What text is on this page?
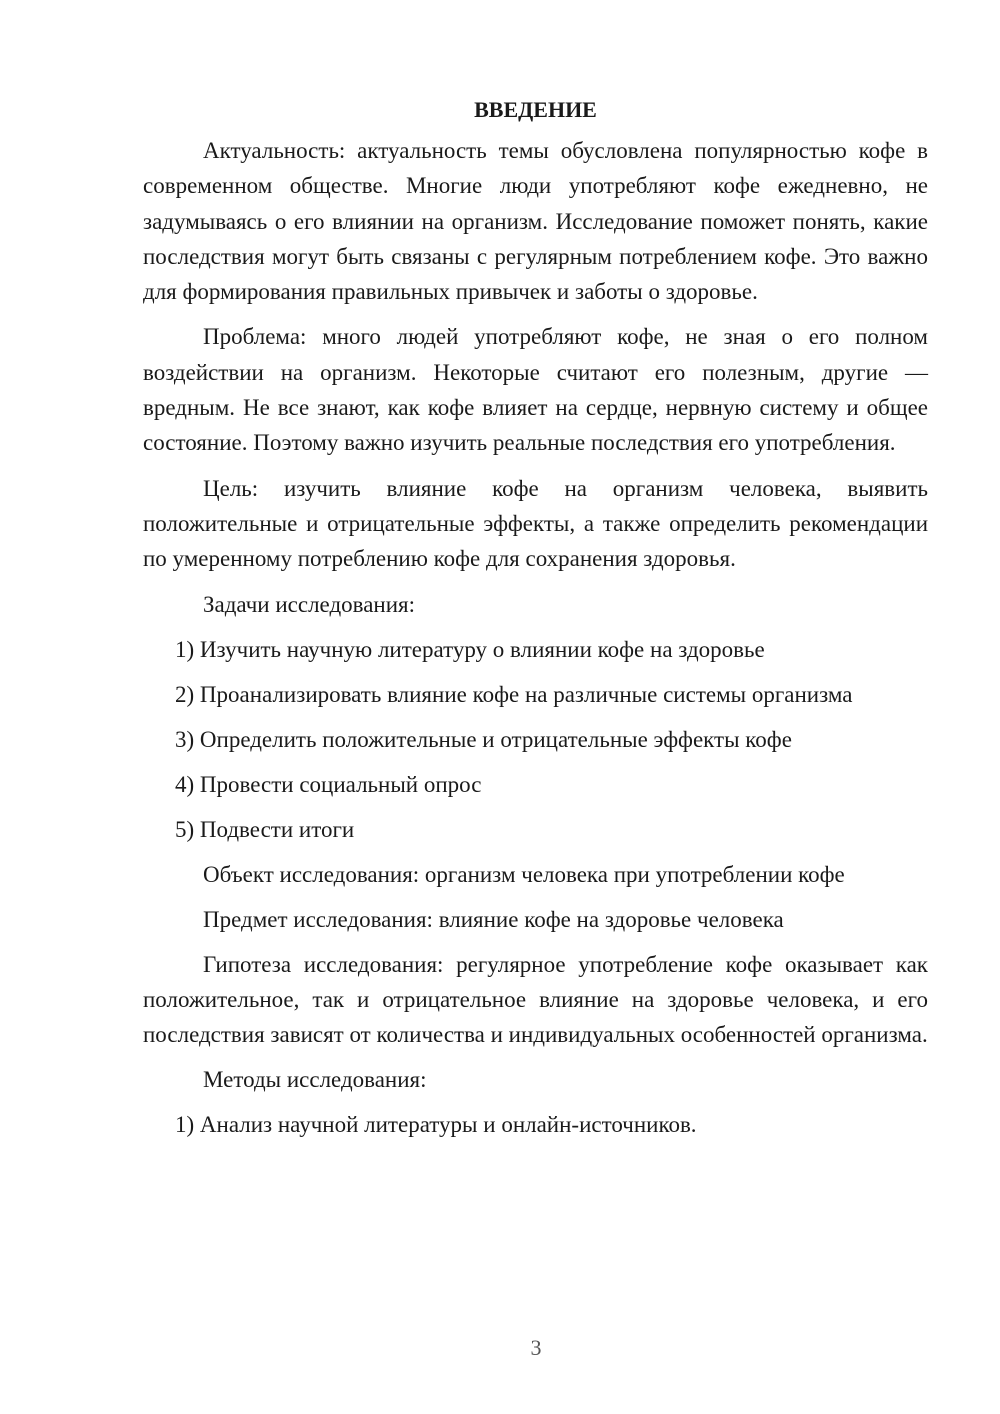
ВВЕДЕНИЕ

Актуальность: актуальность темы обусловлена популярностью кофе в современном обществе. Многие люди употребляют кофе ежедневно, не задумываясь о его влиянии на организм. Исследование поможет понять, какие последствия могут быть связаны с регулярным потреблением кофе. Это важно для формирования правильных привычек и заботы о здоровье.

Проблема: много людей употребляют кофе, не зная о его полном воздействии на организм. Некоторые считают его полезным, другие — вредным. Не все знают, как кофе влияет на сердце, нервную систему и общее состояние. Поэтому важно изучить реальные последствия его употребления.

Цель: изучить влияние кофе на организм человека, выявить положительные и отрицательные эффекты, а также определить рекомендации по умеренному потреблению кофе для сохранения здоровья.

Задачи исследования:

1) Изучить научную литературу о влиянии кофе на здоровье

2) Проанализировать влияние кофе на различные системы организма

3) Определить положительные и отрицательные эффекты кофе

4) Провести социальный опрос

5) Подвести итоги

Объект исследования: организм человека при употреблении кофе

Предмет исследования: влияние кофе на здоровье человека

Гипотеза исследования: регулярное употребление кофе оказывает как положительное, так и отрицательное влияние на здоровье человека, и его последствия зависят от количества и индивидуальных особенностей организма.

Методы исследования:

1) Анализ научной литературы и онлайн-источников.

3
